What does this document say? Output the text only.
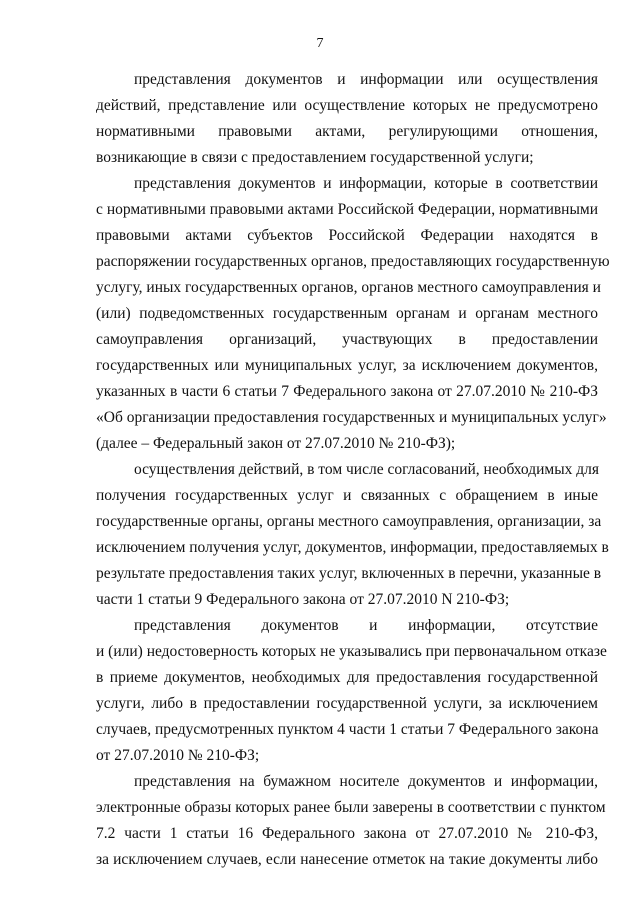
7

представления документов и информации или осуществления

действий, представление или осуществление которых не предусмотрено

нормативными правовыми актами, регулирующими отношения,

возникающие в связи с предоставлением государственной услуги;

представления документов и информации, которые в соответствии

с нормативными правовыми актами Российской Федерации, нормативными

правовыми актами субъектов Российской Федерации находятся в

распоряжении государственных органов, предоставляющих государственную

услугу, иных государственных органов, органов местного самоуправления и

(или) подведомственных государственным органам и органам местного

самоуправления организаций, участвующих в предоставлении

государственных или муниципальных услуг, за исключением документов,

указанных в части 6 статьи 7 Федерального закона от 27.07.2010 № 210-ФЗ

«Об организации предоставления государственных и муниципальных услуг»

(далее – Федеральный закон от 27.07.2010 № 210-ФЗ);

осуществления действий, в том числе согласований, необходимых для

получения государственных услуг и связанных с обращением в иные

государственные органы, органы местного самоуправления, организации, за

исключением получения услуг, документов, информации, предоставляемых в

результате предоставления таких услуг, включенных в перечни, указанные в

части 1 статьи 9 Федерального закона от 27.07.2010 N 210-ФЗ;

представления документов и информации, отсутствие

и (или) недостоверность которых не указывались при первоначальном отказе

в приеме документов, необходимых для предоставления государственной

услуги, либо в предоставлении государственной услуги, за исключением

случаев, предусмотренных пунктом 4 части 1 статьи 7 Федерального закона

от 27.07.2010 № 210-ФЗ;

представления на бумажном носителе документов и информации,

электронные образы которых ранее были заверены в соответствии с пунктом

7.2 части 1 статьи 16 Федерального закона от 27.07.2010 № 210-ФЗ,

за исключением случаев, если нанесение отметок на такие документы либо
